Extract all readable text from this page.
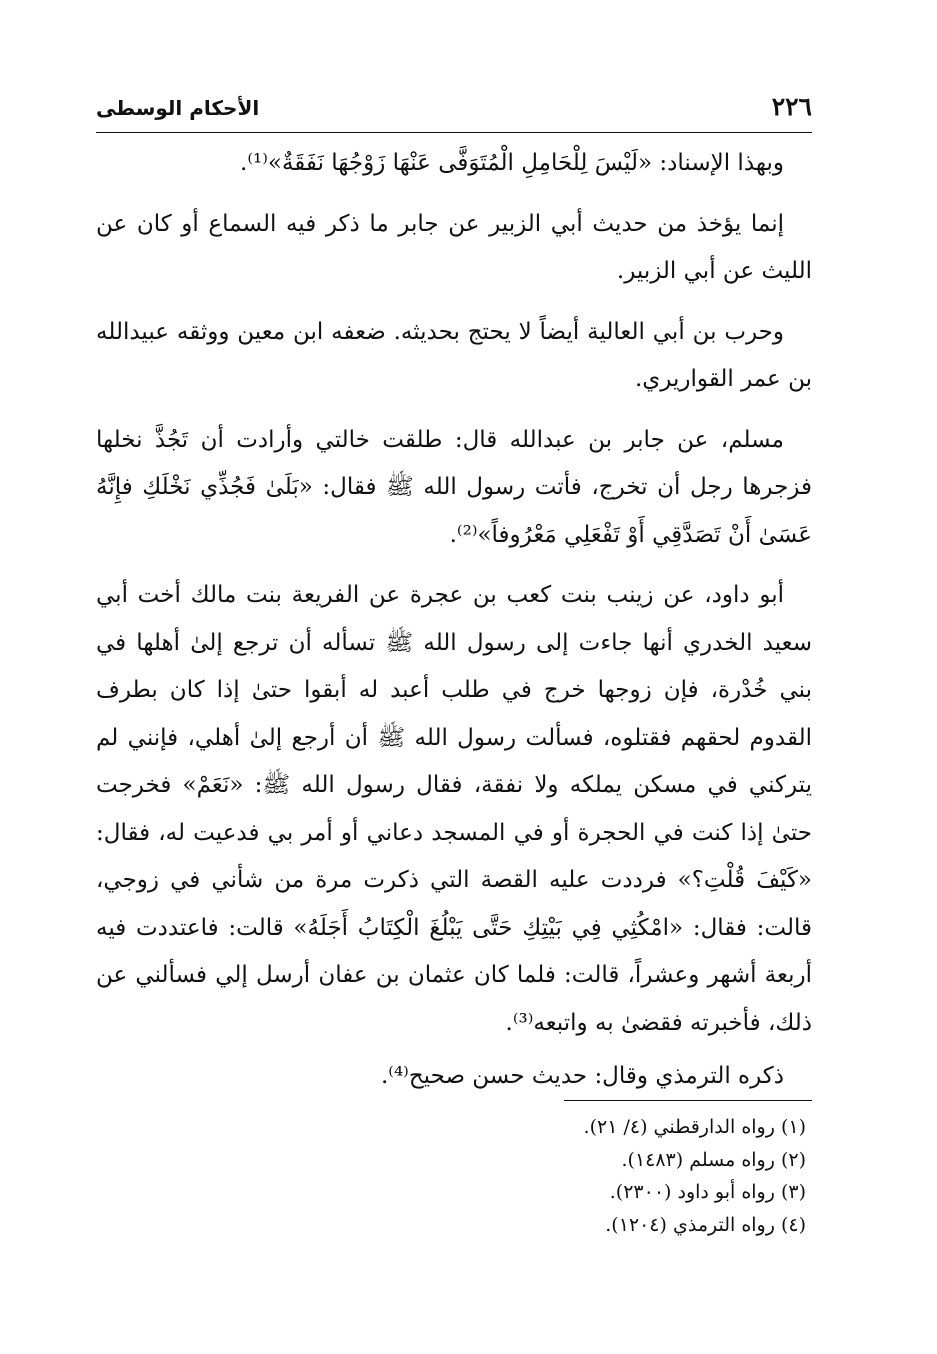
٢٢٦
الأحكام الوسطى

وبهذا الإسناد: «لَيْسَ لِلْحَامِلِ الْمُتَوَفَّى عَنْهَا زَوْجُهَا نَفَقَةٌ»⁽¹⁾.

إنما يؤخذ من حديث أبي الزبير عن جابر ما ذكر فيه السماع أو كان عن الليث عن أبي الزبير.

وحرب بن أبي العالية أيضاً لا يحتج بحديثه. ضعفه ابن معين ووثقه عبيدالله بن عمر القواريري.

مسلم، عن جابر بن عبدالله قال: طلقت خالتي وأرادت أن تَجُذَّ نخلها فزجرها رجل أن تخرج، فأتت رسول الله ﷺ فقال: «بَلَىٰ فَجُذِّي نَخْلَكِ فإِنَّهُ عَسَىٰ أَنْ تَصَدَّقِي أَوْ تَفْعَلِي مَعْرُوفاً»⁽²⁾.

أبو داود، عن زينب بنت كعب بن عجرة عن الفريعة بنت مالك أخت أبي سعيد الخدري أنها جاءت إلى رسول الله ﷺ تسأله أن ترجع إلىٰ أهلها في بني خُدْرة، فإن زوجها خرج في طلب أعبد له أبقوا حتىٰ إذا كان بطرف القدوم لحقهم فقتلوه، فسألت رسول الله ﷺ أن أرجع إلىٰ أهلي، فإنني لم يتركني في مسكن يملكه ولا نفقة، فقال رسول الله ﷺ: «نَعَمْ» فخرجت حتىٰ إذا كنت في الحجرة أو في المسجد دعاني أو أمر بي فدعيت له، فقال: «كَيْفَ قُلْتِ؟» فرددت عليه القصة التي ذكرت مرة من شأني في زوجي، قالت: فقال: «امْكُثِي فِي بَيْتِكِ حَتَّى يَبْلُغَ الْكِتَابُ أَجَلَهُ» قالت: فاعتددت فيه أربعة أشهر وعشراً، قالت: فلما كان عثمان بن عفان أرسل إلي فسألني عن ذلك، فأخبرته فقضىٰ به واتبعه⁽³⁾.

ذكره الترمذي وقال: حديث حسن صحيح⁽⁴⁾.

(١) رواه الدارقطني (٤/ ٢١).

(٢) رواه مسلم (١٤٨٣).

(٣) رواه أبو داود (٢٣٠٠).

(٤) رواه الترمذي (١٢٠٤).
